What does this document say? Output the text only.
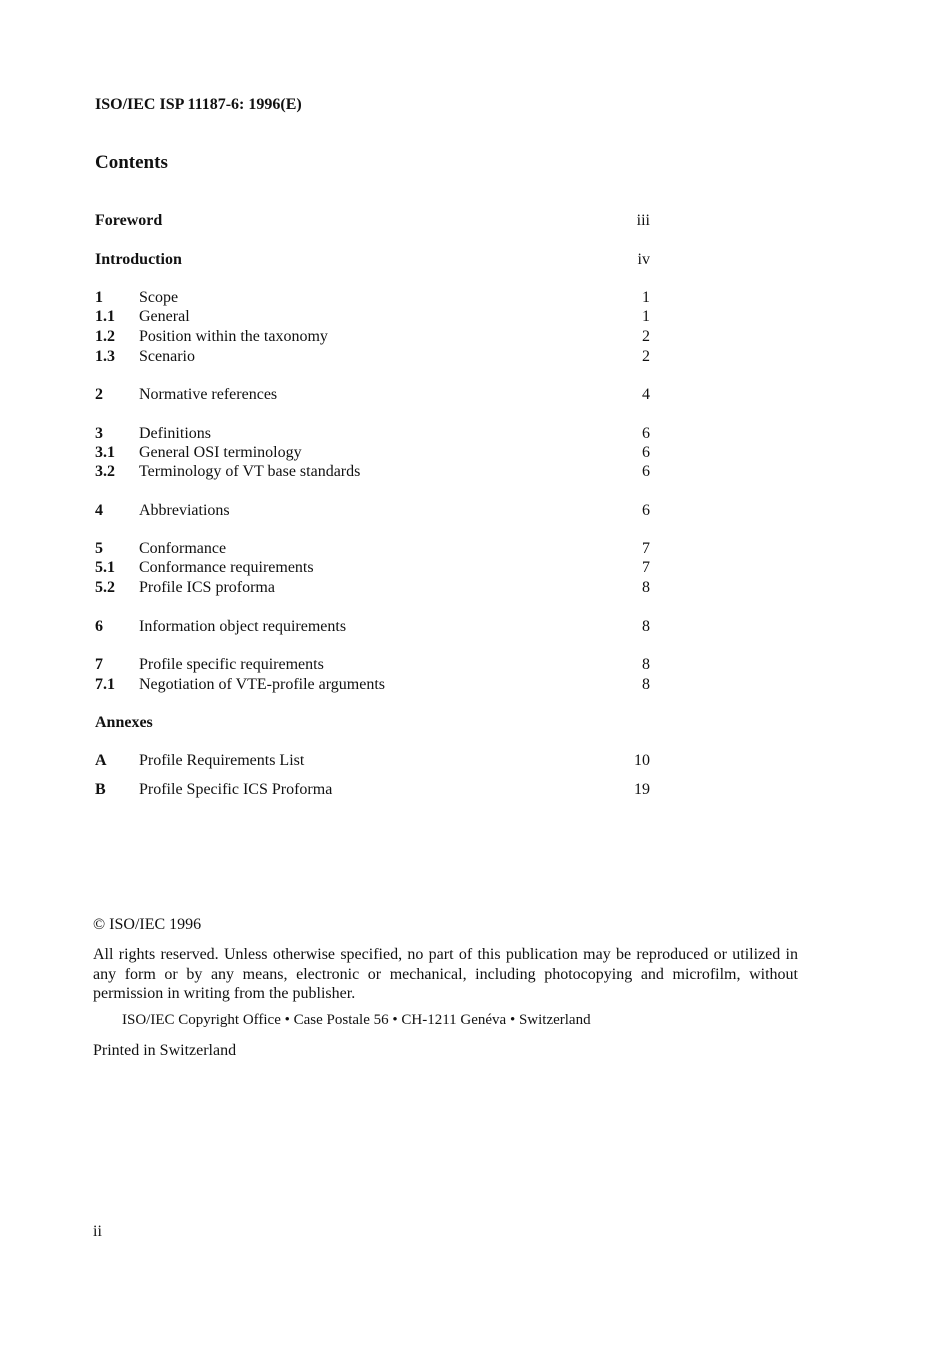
ISO/IEC ISP 11187-6: 1996(E)
Contents
Foreword	iii
Introduction	iv
1 Scope	1
1.1 General	1
1.2 Position within the taxonomy	2
1.3 Scenario	2
2 Normative references	4
3 Definitions	6
3.1 General OSI terminology	6
3.2 Terminology of VT base standards	6
4 Abbreviations	6
5 Conformance	7
5.1 Conformance requirements	7
5.2 Profile ICS proforma	8
6 Information object requirements	8
7 Profile specific requirements	8
7.1 Negotiation of VTE-profile arguments	8
Annexes
A Profile Requirements List	10
B Profile Specific ICS Proforma	19
© ISO/IEC 1996
All rights reserved. Unless otherwise specified, no part of this publication may be reproduced or utilized in any form or by any means, electronic or mechanical, including photocopying and microfilm, without permission in writing from the publisher.
ISO/IEC Copyright Office • Case Postale 56 • CH-1211 Genéva • Switzerland
Printed in Switzerland
ii
